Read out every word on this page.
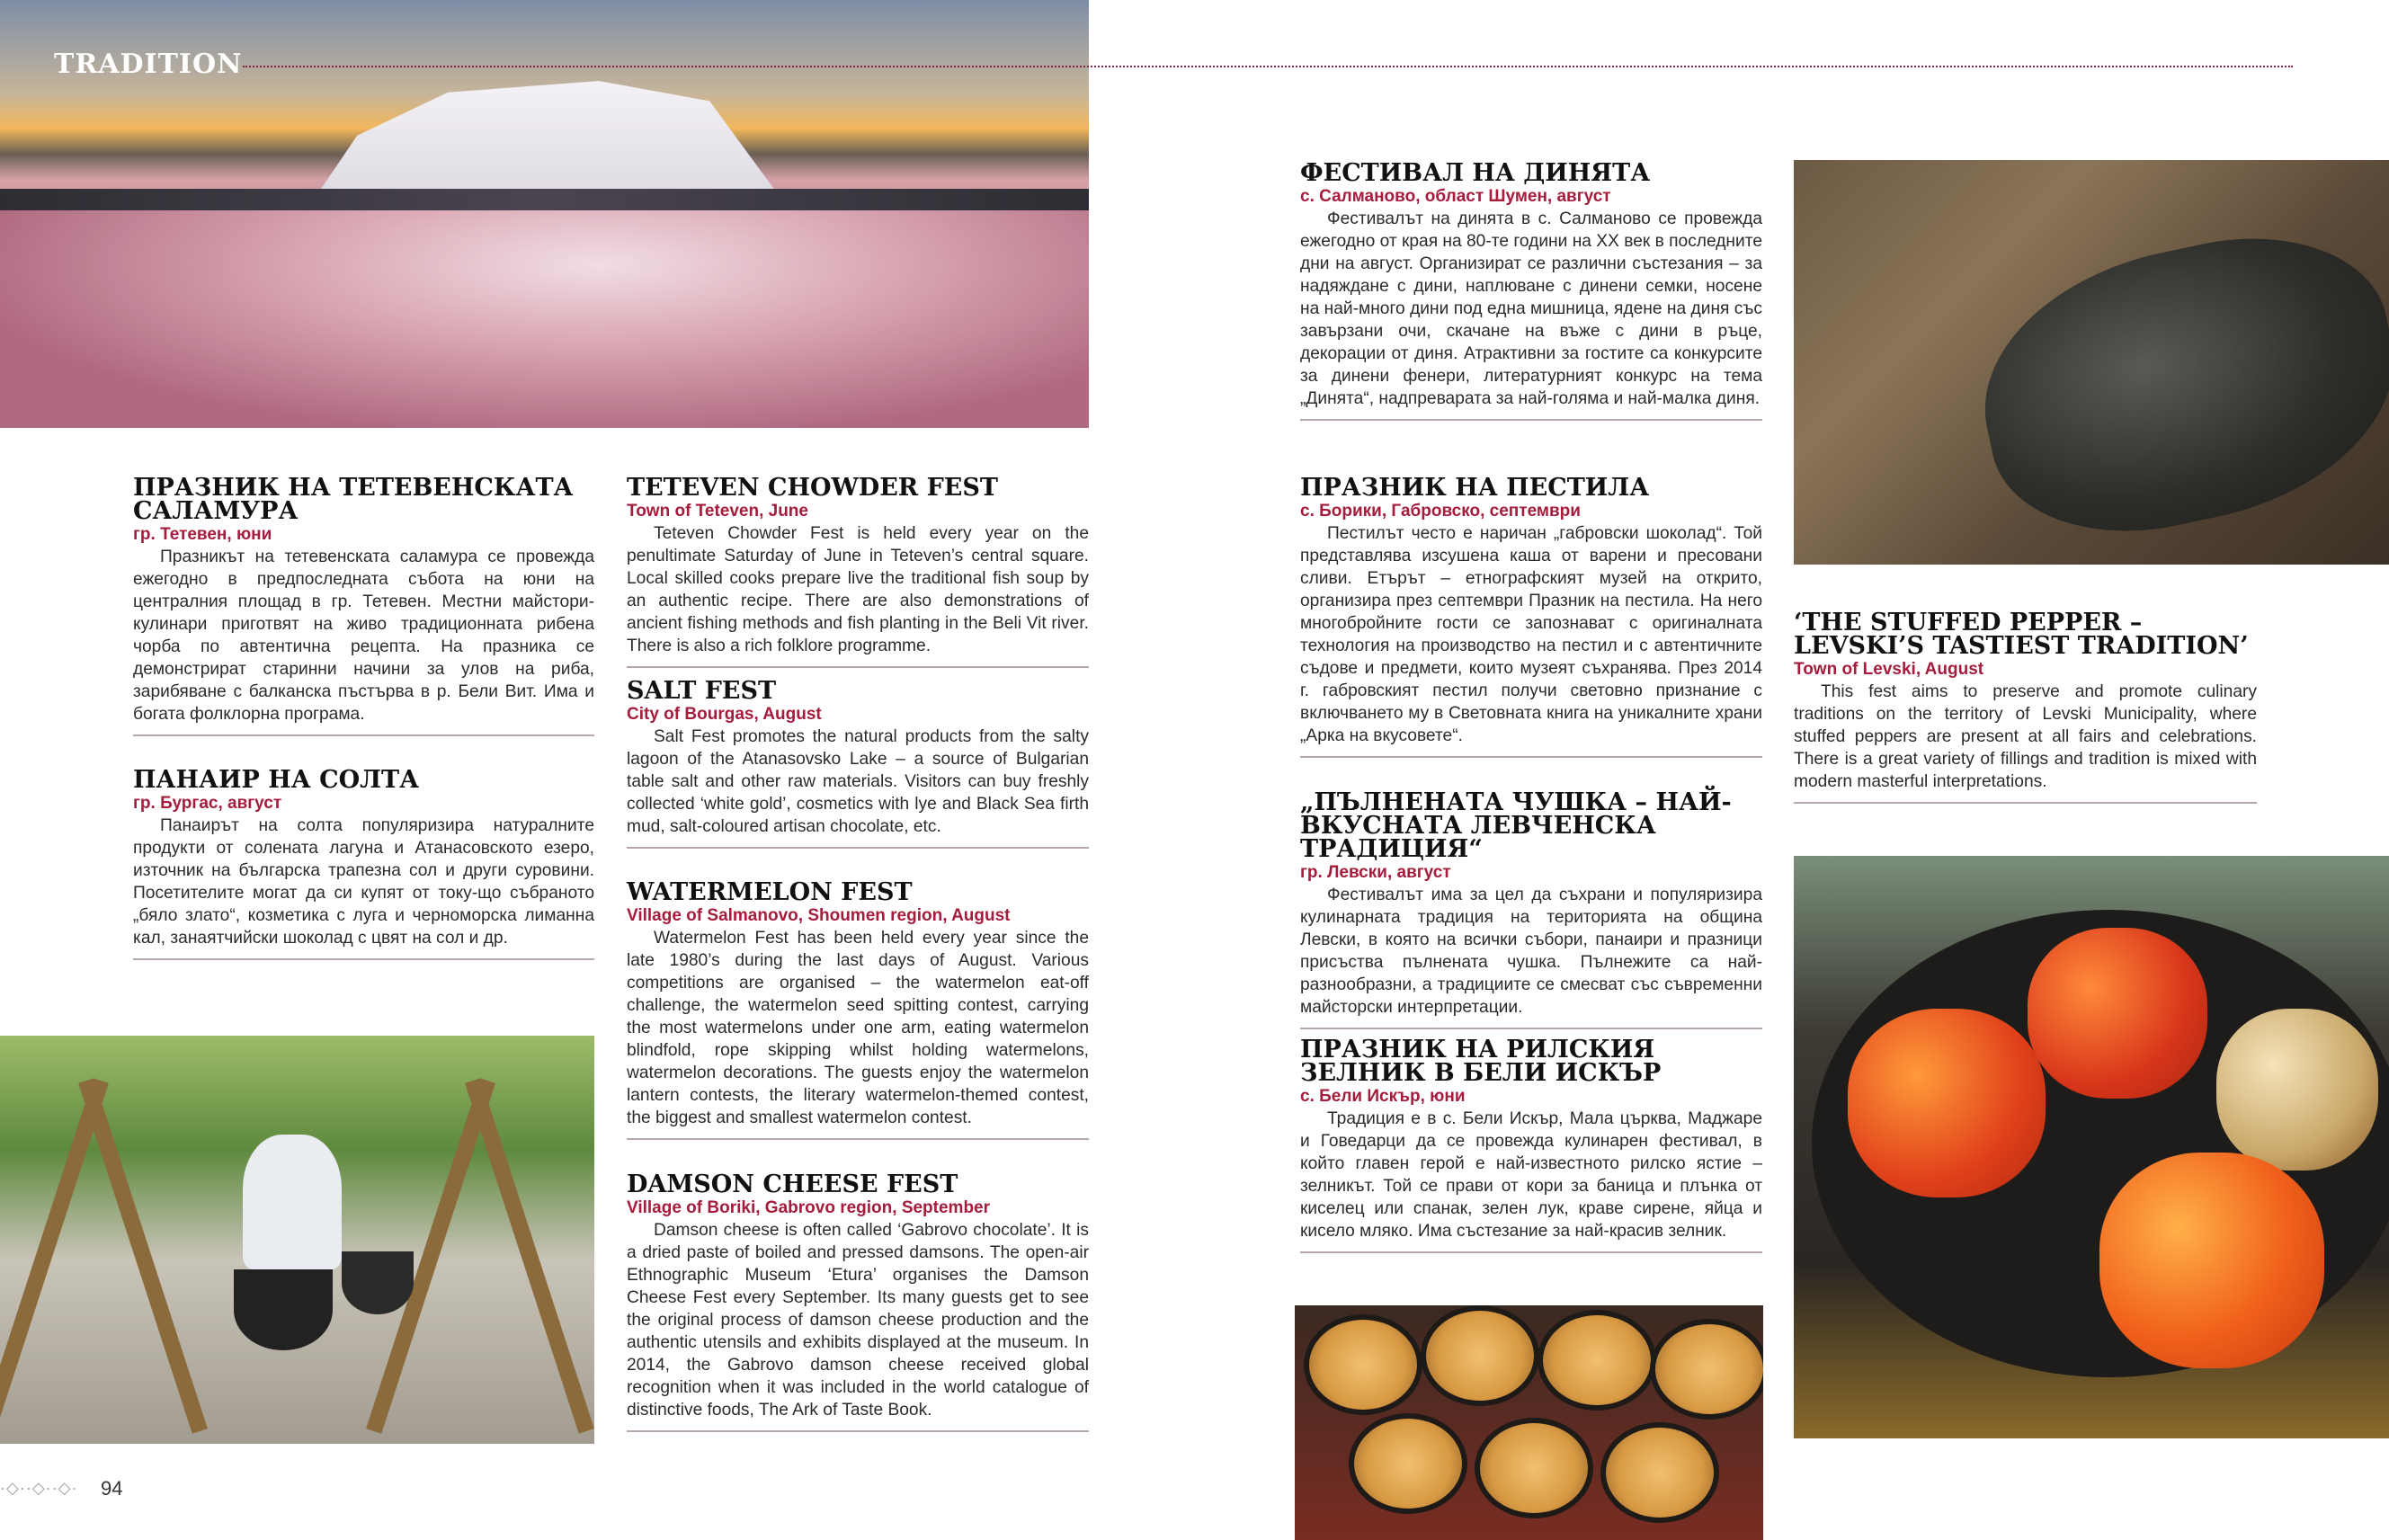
TRADITION
ПРАЗНИК НА ТЕТЕВЕНСКАТА САЛАМУРА

гр. Тетевен, юни

Празникът на тетевенската саламура се провежда ежегодно в предпоследната събота на юни на централния площад в гр. Тетевен. Местни майстори-кулинари приготвят на живо традиционната рибена чорба по автентична рецепта. На празника се демонстрират старинни начини за улов на риба, зарибяване с балканска пъстърва в р. Бели Вит. Има и богата фолклорна програма.

ПАНАИР НА СОЛТА

гр. Бургас, август

Панаирът на солта популяризира натуралните продукти от солената лагуна и Атанасовското езеро, източник на българска трапезна сол и други суровини. Посетителите могат да си купят от току-що събраното „бяло злато“, козметика с луга и черноморска лиманна кал, занаятчийски шоколад с цвят на сол и др.

TETEVEN CHOWDER FEST

Town of Teteven, June

Teteven Chowder Fest is held every year on the penultimate Saturday of June in Teteven’s central square. Local skilled cooks prepare live the traditional fish soup by an authentic recipe. There are also demonstrations of ancient fishing methods and fish planting in the Beli Vit river. There is also a rich folklore programme.

SALT FEST

City of Bourgas, August

Salt Fest promotes the natural products from the salty lagoon of the Atanasovsko Lake – a source of Bulgarian table salt and other raw materials. Visitors can buy freshly collected ‘white gold’, cosmetics with lye and Black Sea firth mud, salt-coloured artisan chocolate, etc.

WATERMELON FEST

Village of Salmanovo, Shoumen region, August

Watermelon Fest has been held every year since the late 1980’s during the last days of August. Various competitions are organised – the watermelon eat-off challenge, the watermelon seed spitting contest, carrying the most watermelons under one arm, eating watermelon blindfold, rope skipping whilst holding watermelons, watermelon decorations. The guests enjoy the watermelon lantern contests, the literary watermelon-themed contest, the biggest and smallest watermelon contest.

DAMSON CHEESE FEST

Village of Boriki, Gabrovo region, September

Damson cheese is often called ‘Gabrovo chocolate’. It is a dried paste of boiled and pressed damsons. The open-air Ethnographic Museum ‘Etura’ organises the Damson Cheese Fest every September. Its many guests get to see the original process of damson cheese production and the authentic utensils and exhibits displayed at the museum. In 2014, the Gabrovo damson cheese received global recognition when it was included in the world catalogue of distinctive foods, The Ark of Taste Book.

ФЕСТИВАЛ НА ДИНЯТА

с. Салманово, област Шумен, август

Фестивалът на динята в с. Салманово се провежда ежегодно от края на 80-те години на XX век в последните дни на август. Организират се различни състезания – за надяждане с дини, наплюване с динени семки, носене на най-много дини под една мишница, ядене на диня със завързани очи, скачане на въже с дини в ръце, декорации от диня. Атрактивни за гостите са конкурсите за динени фенери, литературният конкурс на тема „Динята“, надпреварата за най-голяма и най-малка диня.

ПРАЗНИК НА ПЕСТИЛА

с. Борики, Габровско, септември

Пестилът често е наричан „габровски шоколад“. Той представлява изсушена каша от варени и пресовани сливи. Етърът – етнографският музей на открито, организира през септември Празник на пестила. На него многобройните гости се запознават с оригиналната технология на производство на пестил и с автентичните съдове и предмети, които музеят съхранява. През 2014 г. габровският пестил получи световно признание с включването му в Световната книга на уникалните храни „Арка на вкусовете“.

„ПЪЛНЕНАТА ЧУШКА – НАЙ-ВКУСНАТА ЛЕВЧЕНСКА ТРАДИЦИЯ“

гр. Левски, август

Фестивалът има за цел да съхрани и популяризира кулинарната традиция на територията на община Левски, в която на всички събори, панаири и празници присъства пълнената чушка. Пълнежите са най-разнообразни, а традициите се смесват със съвременни майсторски интерпретации.

ПРАЗНИК НА РИЛСКИЯ ЗЕЛНИК В БЕЛИ ИСКЪР

с. Бели Искър, юни

Традиция е в с. Бели Искър, Мала църква, Маджаре и Говедарци да се провежда кулинарен фестивал, в който главен герой е най-известното рилско ястие – зелникът. Той се прави от кори за баница и плънка от киселец или спанак, зелен лук, краве сирене, яйца и кисело мляко. Има състезание за най-красив зелник.

‘THE STUFFED PEPPER – LEVSKI’S TASTIEST TRADITION’

Town of Levski, August

This fest aims to preserve and promote culinary traditions on the territory of Levski Municipality, where stuffed peppers are present at all fairs and celebrations. There is a great variety of fillings and tradition is mixed with modern masterful interpretations.

·◇··◇··◇· 94
